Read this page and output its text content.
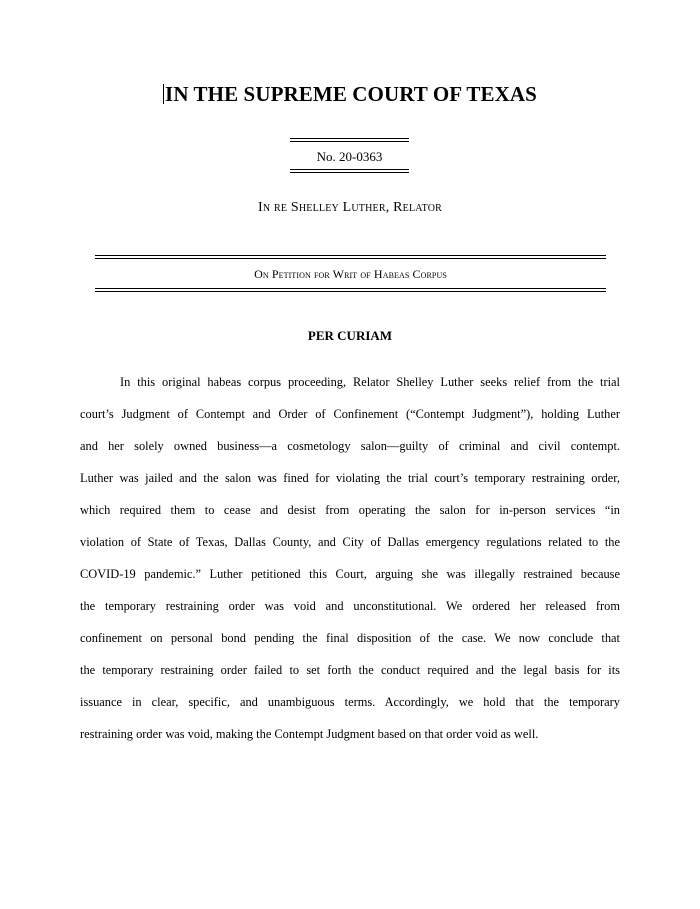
IN THE SUPREME COURT OF TEXAS
No. 20-0363
In re Shelley Luther, Relator
On Petition for Writ of Habeas Corpus
PER CURIAM
In this original habeas corpus proceeding, Relator Shelley Luther seeks relief from the trial
court’s Judgment of Contempt and Order of Confinement (“Contempt Judgment”), holding Luther
and her solely owned business—a cosmetology salon—guilty of criminal and civil contempt.
Luther was jailed and the salon was fined for violating the trial court’s temporary restraining order,
which required them to cease and desist from operating the salon for in-person services “in
violation of State of Texas, Dallas County, and City of Dallas emergency regulations related to the
COVID-19 pandemic.” Luther petitioned this Court, arguing she was illegally restrained because
the temporary restraining order was void and unconstitutional. We ordered her released from
confinement on personal bond pending the final disposition of the case. We now conclude that
the temporary restraining order failed to set forth the conduct required and the legal basis for its
issuance in clear, specific, and unambiguous terms. Accordingly, we hold that the temporary
restraining order was void, making the Contempt Judgment based on that order void as well.
